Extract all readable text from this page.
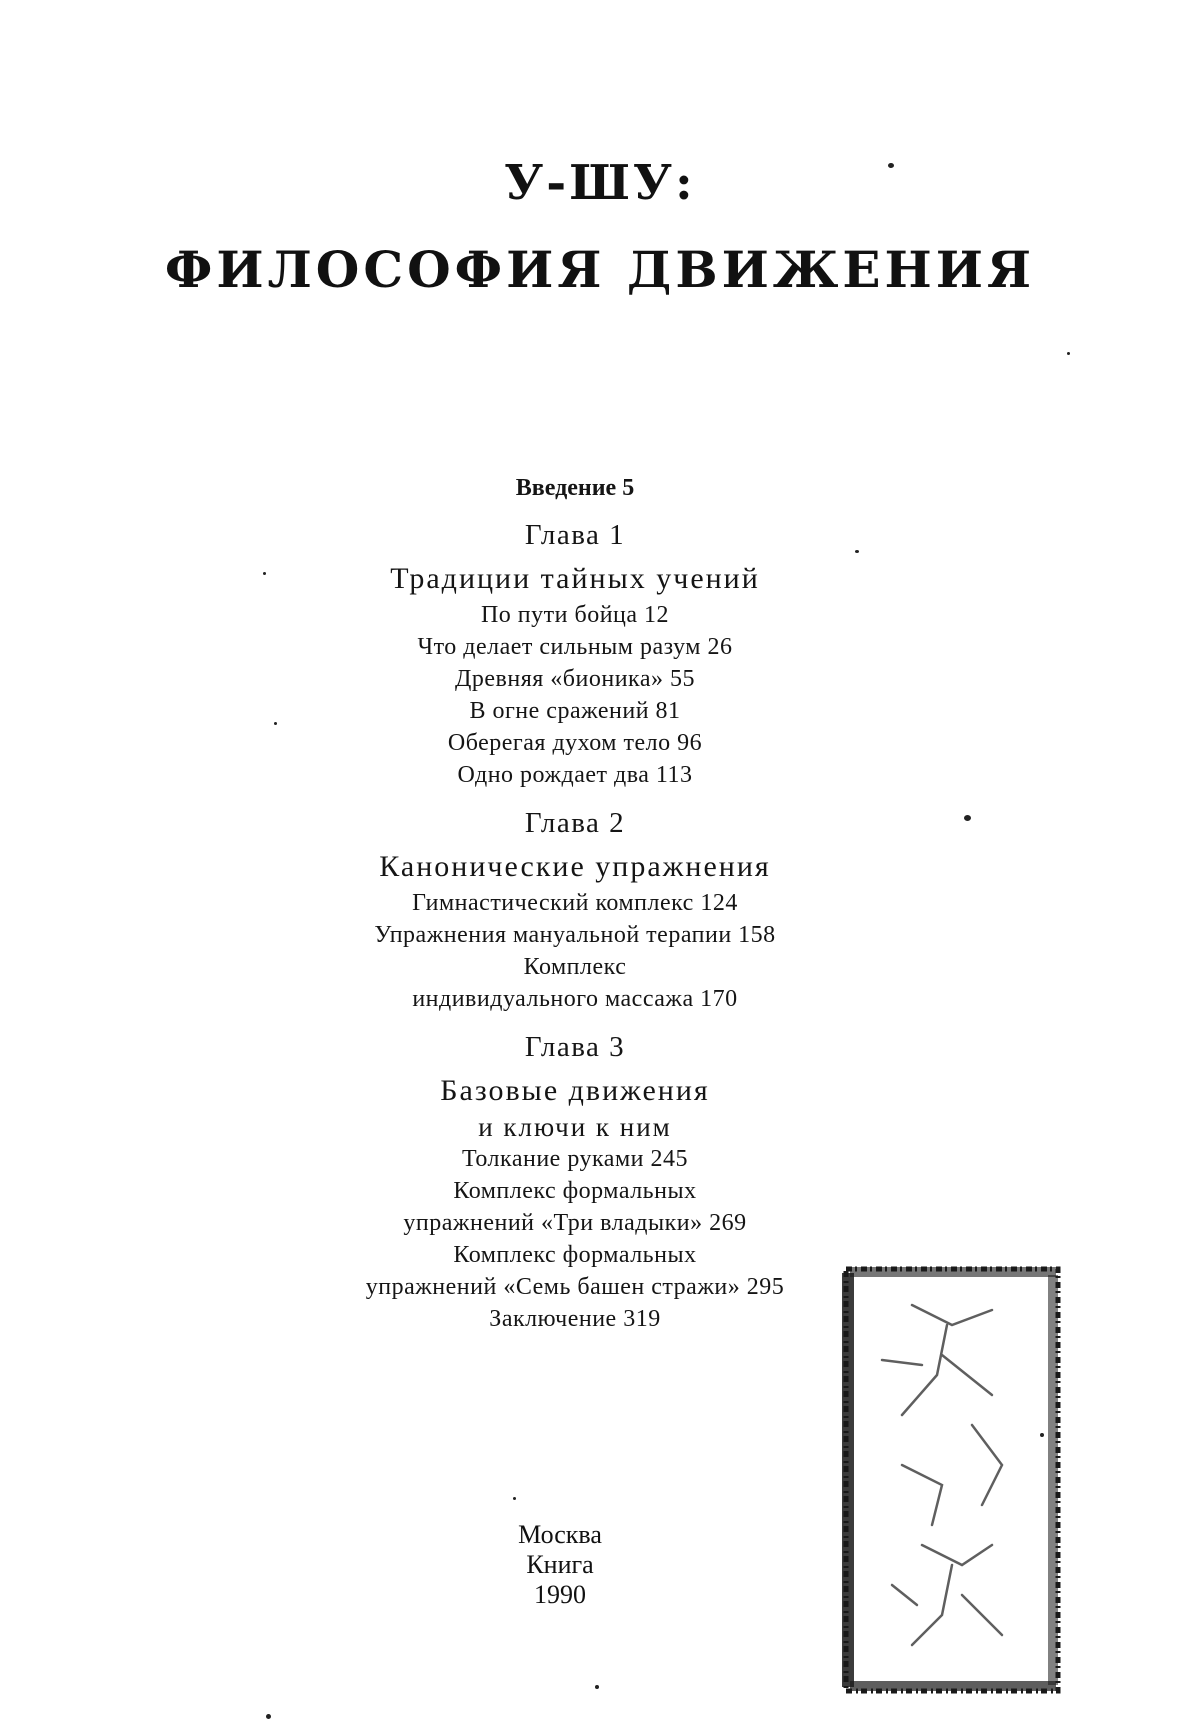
У-ШУ:
ФИЛОСОФИЯ ДВИЖЕНИЯ
Введение 5
Глава 1
Традиции тайных учений
По пути бойца 12
Что делает сильным разум 26
Древняя «бионика» 55
В огне сражений 81
Оберегая духом тело 96
Одно рождает два 113
Глава 2
Канонические упражнения
Гимнастический комплекс 124
Упражнения мануальной терапии 158
Комплекс
индивидуального массажа 170
Глава 3
Базовые движения
и ключи к ним
Толкание руками 245
Комплекс формальных
упражнений «Три владыки» 269
Комплекс формальных
упражнений «Семь башен стражи» 295
Заключение 319
Москва
Книга
1990
